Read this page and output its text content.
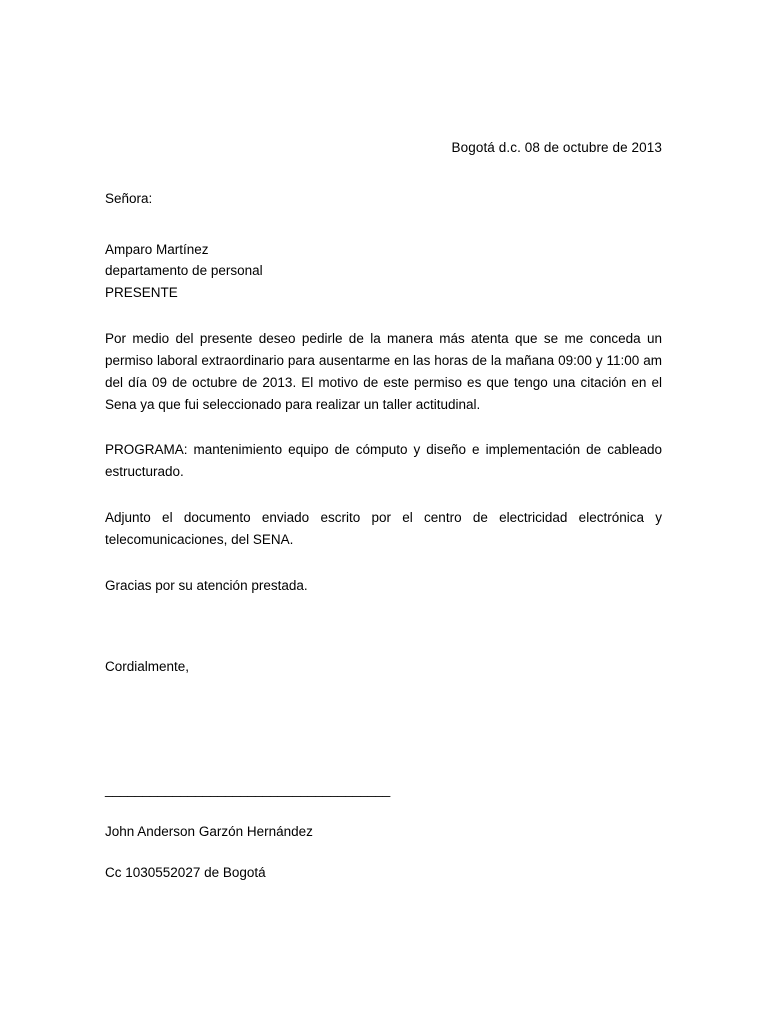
Bogotá d.c. 08 de octubre de 2013
Señora:
Amparo Martínez
departamento de personal
PRESENTE
Por medio del presente deseo pedirle de la manera más atenta que se me conceda un permiso laboral extraordinario para ausentarme en las horas de la mañana 09:00 y 11:00 am del día 09 de octubre de 2013. El motivo de este permiso es que tengo una citación en el Sena ya que fui seleccionado para realizar un taller actitudinal.
PROGRAMA: mantenimiento equipo de cómputo y diseño e implementación de cableado estructurado.
Adjunto el documento enviado escrito por el centro de electricidad electrónica y telecomunicaciones, del SENA.
Gracias por su atención prestada.
Cordialmente,
______________________________________
John Anderson Garzón Hernández
Cc 1030552027 de Bogotá
